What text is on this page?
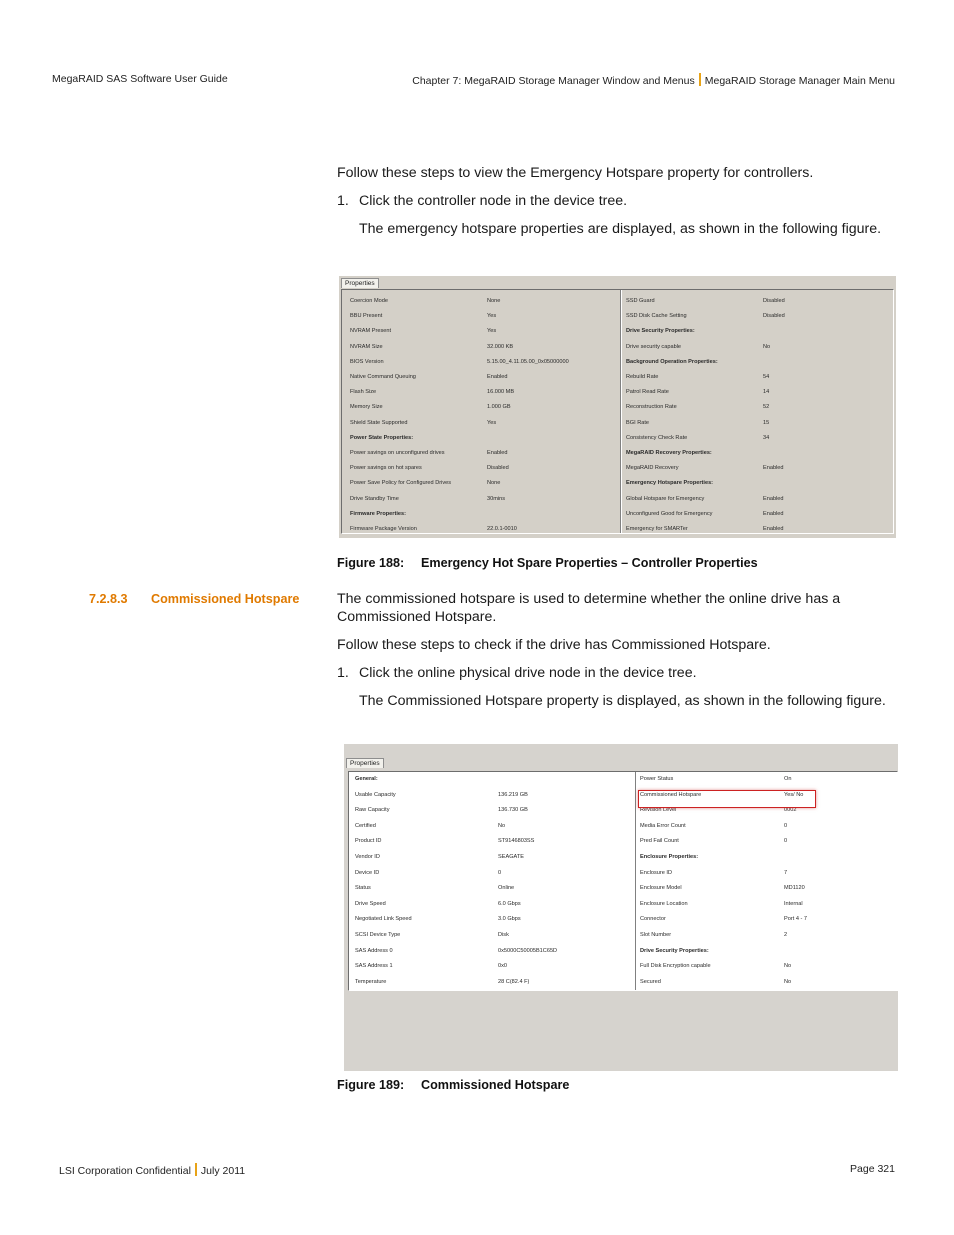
MegaRAID SAS Software User Guide	Chapter 7: MegaRAID Storage Manager Window and Menus MegaRAID Storage Manager Main Menu
Follow these steps to view the Emergency Hotspare property for controllers.
1. Click the controller node in the device tree.
The emergency hotspare properties are displayed, as shown in the following figure.
Properties
Coercion Mode	None
BBU Present	Yes
NVRAM Present	Yes
NVRAM Size	32.000 KB
BIOS Version	5.15.00_4.11.05.00_0x05000000
Native Command Queuing	Enabled
Flash Size	16.000 MB
Memory Size	1.000 GB
Shield State Supported	Yes
Power State Properties:
Power savings on unconfigured drives	Enabled
Power savings on hot spares	Disabled
Power Save Policy for Configured Drives	None
Drive Standby Time	30mins
Firmware Properties:
Firmware Package Version	22.0.1-0010
SSD Guard	Disabled
SSD Disk Cache Setting	Disabled
Drive Security Properties:
Drive security capable	No
Background Operation Properties:
Rebuild Rate	54
Patrol Read Rate	14
Reconstruction Rate	52
BGI Rate	15
Consistency Check Rate	34
MegaRAID Recovery Properties:
MegaRAID Recovery	Enabled
Emergency Hotspare Properties:
Global Hotspare for Emergency	Enabled
Unconfigured Good for Emergency	Enabled
Emergency for SMARTer	Enabled
Figure 188: Emergency Hot Spare Properties – Controller Properties
7.2.8.3 Commissioned Hotspare	The commissioned hotspare is used to determine whether the online drive has a
Commissioned Hotspare.
Follow these steps to check if the drive has Commissioned Hotspare.
1. Click the online physical drive node in the device tree.
The Commissioned Hotspare property is displayed, as shown in the following figure.
Properties
General:
Usable Capacity	136.219 GB
Raw Capacity	136.730 GB
Certified	No
Product ID	ST9146803SS
Vendor ID	SEAGATE
Device ID	0
Status	Online
Drive Speed	6.0 Gbps
Negotiated Link Speed	3.0 Gbps
SCSI Device Type	Disk
SAS Address 0	0x5000C50005B1C65D
SAS Address 1	0x0
Temperature	28 C(82.4 F)
Power Status	On
Commissioned Hotspare	Yes/ No
Revision Level	0002
Media Error Count	0
Pred Fail Count	0
Enclosure Properties:
Enclosure ID	7
Enclosure Model	MD1120
Enclosure Location	Internal
Connector	Port 4 - 7
Slot Number	2
Drive Security Properties:
Full Disk Encryption capable	No
Secured	No
Figure 189: Commissioned Hotspare
LSI Corporation Confidential July 2011	Page 321
